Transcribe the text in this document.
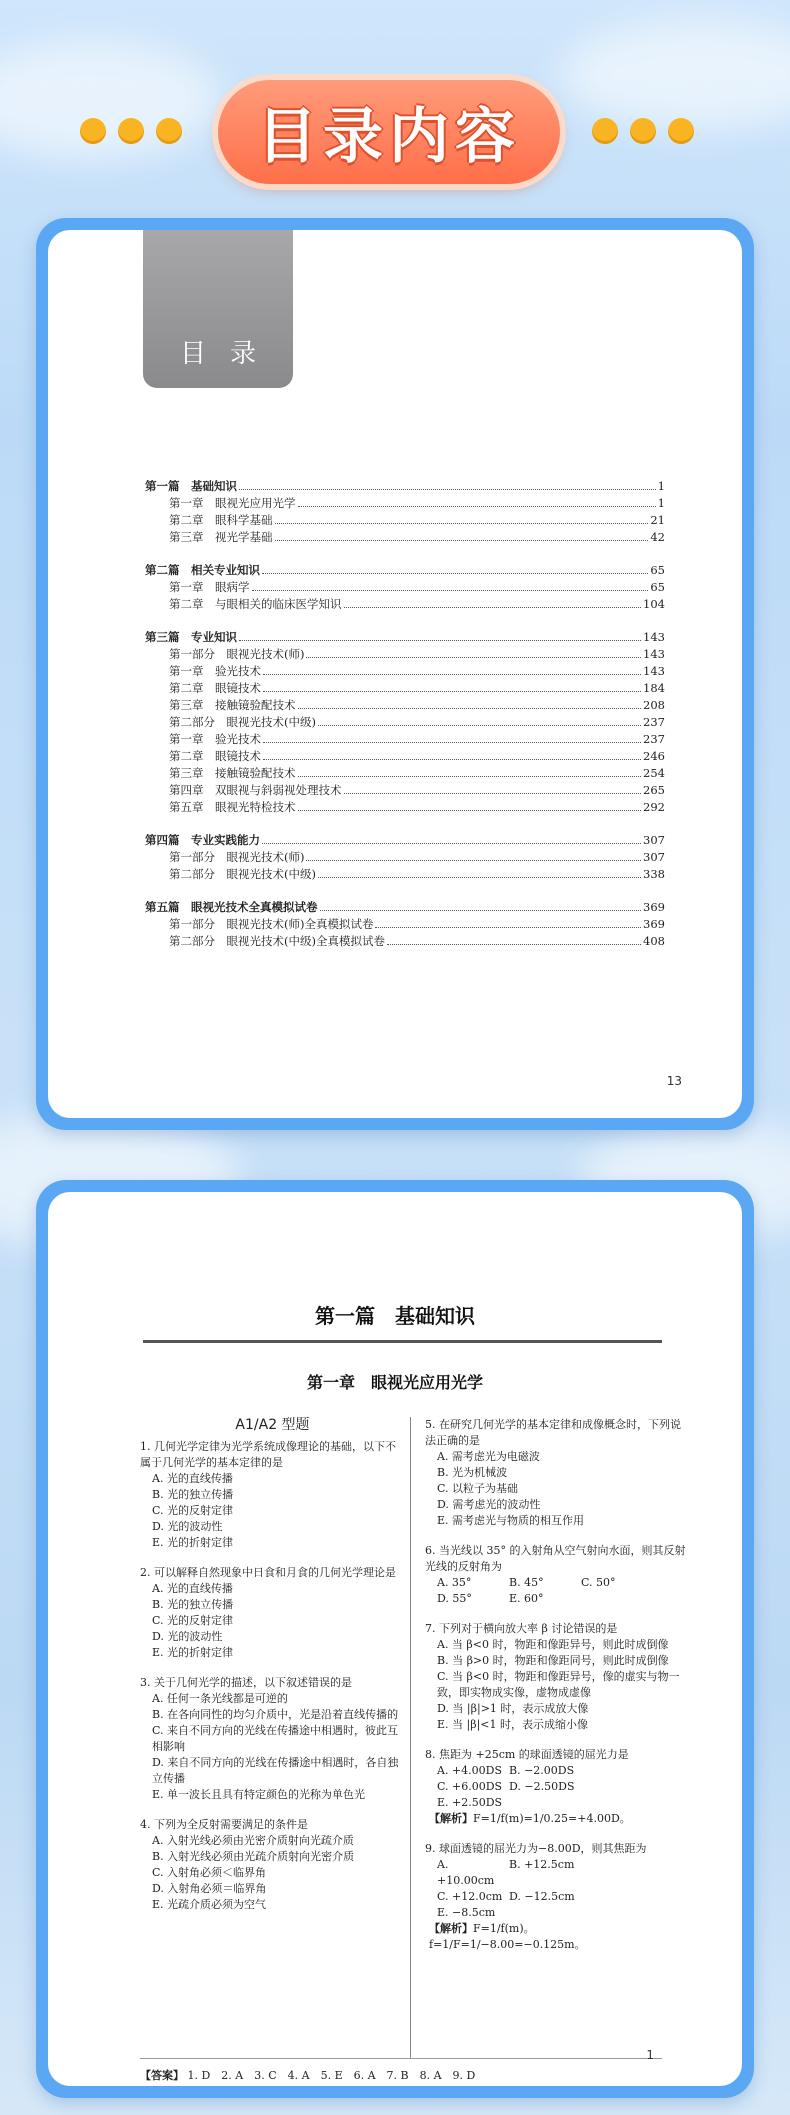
目录内容
目录
第一篇　基础知识	1
第一章　眼视光应用光学	1
第二章　眼科学基础	21
第三章　视光学基础	42
第二篇　相关专业知识	65
第一章　眼病学	65
第二章　与眼相关的临床医学知识	104
第三篇　专业知识	143
第一部分　眼视光技术(师)	143
第一章　验光技术	143
第二章　眼镜技术	184
第三章　接触镜验配技术	208
第二部分　眼视光技术(中级)	237
第一章　验光技术	237
第二章　眼镜技术	246
第三章　接触镜验配技术	254
第四章　双眼视与斜弱视处理技术	265
第五章　眼视光特检技术	292
第四篇　专业实践能力	307
第一部分　眼视光技术(师)	307
第二部分　眼视光技术(中级)	338
第五篇　眼视光技术全真模拟试卷	369
第一部分　眼视光技术(师)全真模拟试卷	369
第二部分　眼视光技术(中级)全真模拟试卷	408
13
第一篇　基础知识
第一章　眼视光应用光学
A1/A2 型题
1. 几何光学定律为光学系统成像理论的基础，以下不属于几何光学的基本定律的是
A. 光的直线传播
B. 光的独立传播
C. 光的反射定律
D. 光的波动性
E. 光的折射定律
2. 可以解释自然现象中日食和月食的几何光学理论是
A. 光的直线传播
B. 光的独立传播
C. 光的反射定律
D. 光的波动性
E. 光的折射定律
3. 关于几何光学的描述，以下叙述错误的是
A. 任何一条光线都是可逆的
B. 在各向同性的均匀介质中，光是沿着直线传播的
C. 来自不同方向的光线在传播途中相遇时，彼此互相影响
D. 来自不同方向的光线在传播途中相遇时，各自独立传播
E. 单一波长且具有特定颜色的光称为单色光
4. 下列为全反射需要满足的条件是
A. 入射光线必须由光密介质射向光疏介质
B. 入射光线必须由光疏介质射向光密介质
C. 入射角必须＜临界角
D. 入射角必须＝临界角
E. 光疏介质必须为空气
5. 在研究几何光学的基本定律和成像概念时，下列说法正确的是
A. 需考虑光为电磁波
B. 光为机械波
C. 以粒子为基础
D. 需考虑光的波动性
E. 需考虑光与物质的相互作用
6. 当光线以 35° 的入射角从空气射向水面，则其反射光线的反射角为
A. 35°	B. 45°	C. 50°
D. 55°	E. 60°
7. 下列对于横向放大率 β 讨论错误的是
A. 当 β<0 时，物距和像距异号，则此时成倒像
B. 当 β>0 时，物距和像距同号，则此时成倒像
C. 当 β<0 时，物距和像距异号，像的虚实与物一致，即实物成实像，虚物成虚像
D. 当 |β|>1 时，表示成放大像
E. 当 |β|<1 时，表示成缩小像
8. 焦距为 +25cm 的球面透镜的屈光力是
A. +4.00DS B. −2.00DS
C. +6.00DS D. −2.50DS
E. +2.50DS
【解析】F=1/f(m)=1/0.25=+4.00D。
9. 球面透镜的屈光力为−8.00D，则其焦距为
A. +10.00cm
B. +12.5cm
C. +12.0cm D. −12.5cm
E. −8.5cm
【解析】F=1/f(m)。f=1/F=1/−8.00=−0.125m。
【答案】 1. D　2. A　3. C　4. A　5. E　6. A　7. B　8. A　9. D
1
